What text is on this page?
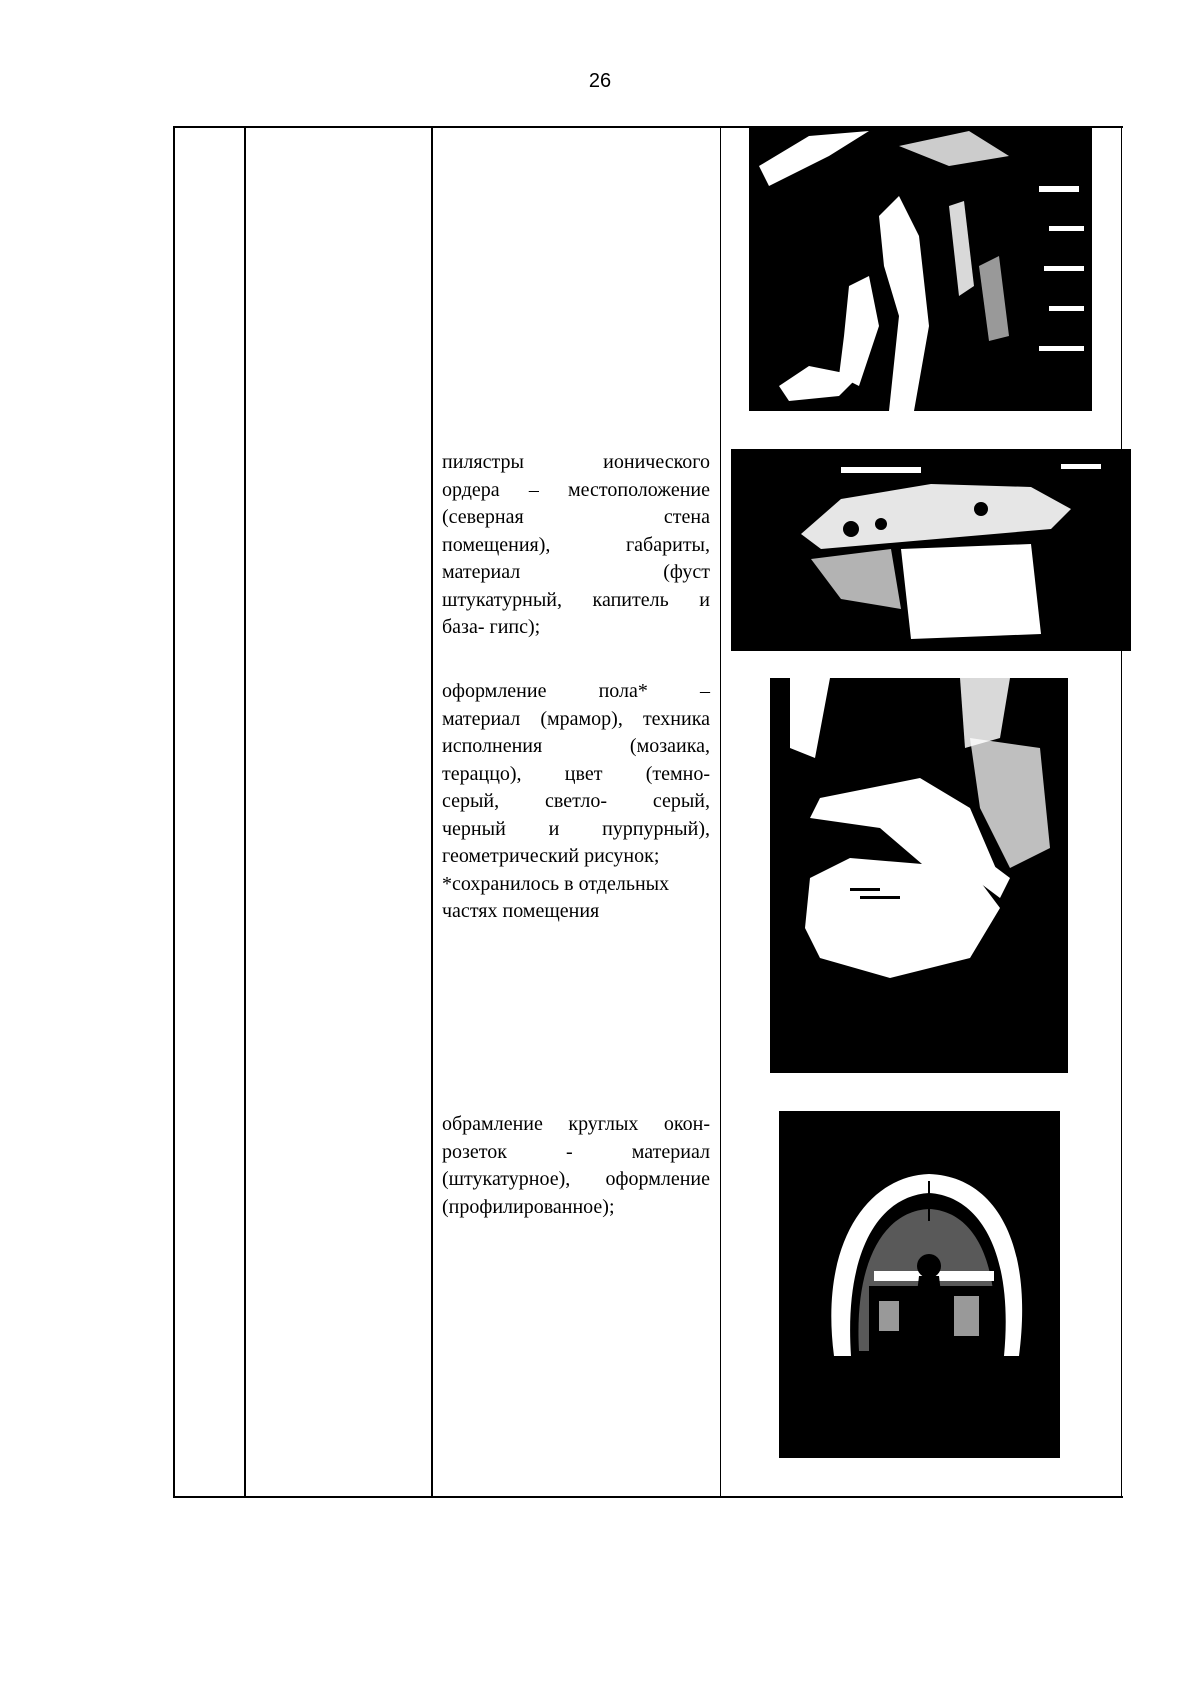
26
пилястры ионического
ордера – местоположение
(северная стена
помещения), габариты,
материал (фуст
штукатурный, капитель и
база- гипс);
оформление пола* –
материал (мрамор), техника
исполнения (мозаика,
тераццо), цвет (темно-
серый, светло- серый,
черный и пурпурный),
геометрический рисунок;
*сохранилось в отдельных
частях помещения
обрамление круглых окон-
розеток - материал
(штукатурное), оформление
(профилированное);
